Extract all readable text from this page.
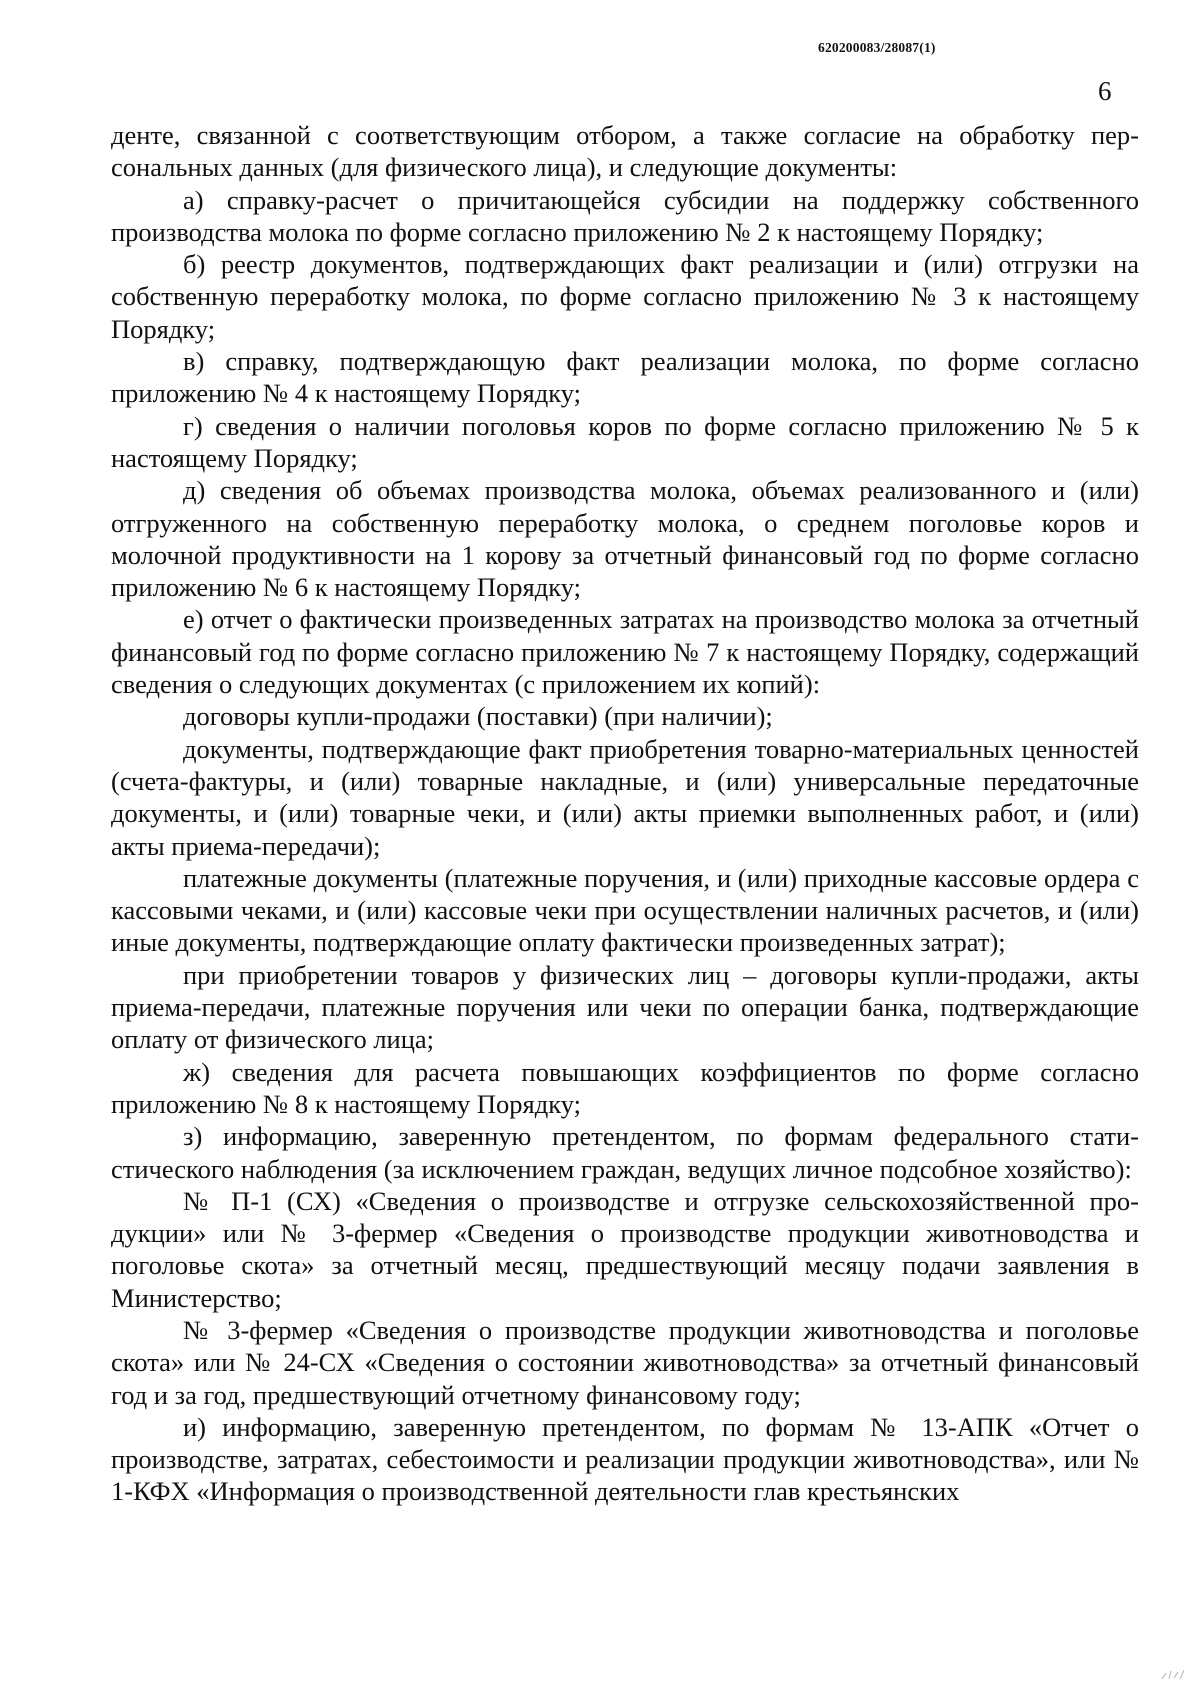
620200083/28087(1)
6

денте, связанной с соответствующим отбором, а также согласие на обработку персональных данных (для физического лица), и следующие документы:

а) справку-расчет о причитающейся субсидии на поддержку собственного производства молока по форме согласно приложению № 2 к настоящему Порядку;

б) реестр документов, подтверждающих факт реализации и (или) отгрузки на собственную переработку молока, по форме согласно приложению № 3 к настоящему Порядку;

в) справку, подтверждающую факт реализации молока, по форме согласно приложению № 4 к настоящему Порядку;

г) сведения о наличии поголовья коров по форме согласно приложению № 5 к настоящему Порядку;

д) сведения об объемах производства молока, объемах реализованного и (или) отгруженного на собственную переработку молока, о среднем поголовье коров и молочной продуктивности на 1 корову за отчетный финансовый год по форме согласно приложению № 6 к настоящему Порядку;

е) отчет о фактически произведенных затратах на производство молока за отчетный финансовый год по форме согласно приложению № 7 к настоящему Порядку, содержащий сведения о следующих документах (с приложением их копий):

договоры купли-продажи (поставки) (при наличии);

документы, подтверждающие факт приобретения товарно-материальных ценностей (счета-фактуры, и (или) товарные накладные, и (или) универсальные передаточные документы, и (или) товарные чеки, и (или) акты приемки выполненных работ, и (или) акты приема-передачи);

платежные документы (платежные поручения, и (или) приходные кассовые ордера с кассовыми чеками, и (или) кассовые чеки при осуществлении наличных расчетов, и (или) иные документы, подтверждающие оплату фактически произведенных затрат);

при приобретении товаров у физических лиц – договоры купли-продажи, акты приема-передачи, платежные поручения или чеки по операции банка, подтверждающие оплату от физического лица;

ж) сведения для расчета повышающих коэффициентов по форме согласно приложению № 8 к настоящему Порядку;

з) информацию, заверенную претендентом, по формам федерального статистического наблюдения (за исключением граждан, ведущих личное подсобное хозяйство):

№ П-1 (СХ) «Сведения о производстве и отгрузке сельскохозяйственной продукции» или № 3-фермер «Сведения о производстве продукции животноводства и поголовье скота» за отчетный месяц, предшествующий месяцу подачи заявления в Министерство;

№ 3-фермер «Сведения о производстве продукции животноводства и поголовье скота» или № 24-СХ «Сведения о состоянии животноводства» за отчетный финансовый год и за год, предшествующий отчетному финансовому году;

и) информацию, заверенную претендентом, по формам № 13-АПК «Отчет о производстве, затратах, себестоимости и реализации продукции животноводства», или № 1-КФХ «Информация о производственной деятельности глав крестьянских
